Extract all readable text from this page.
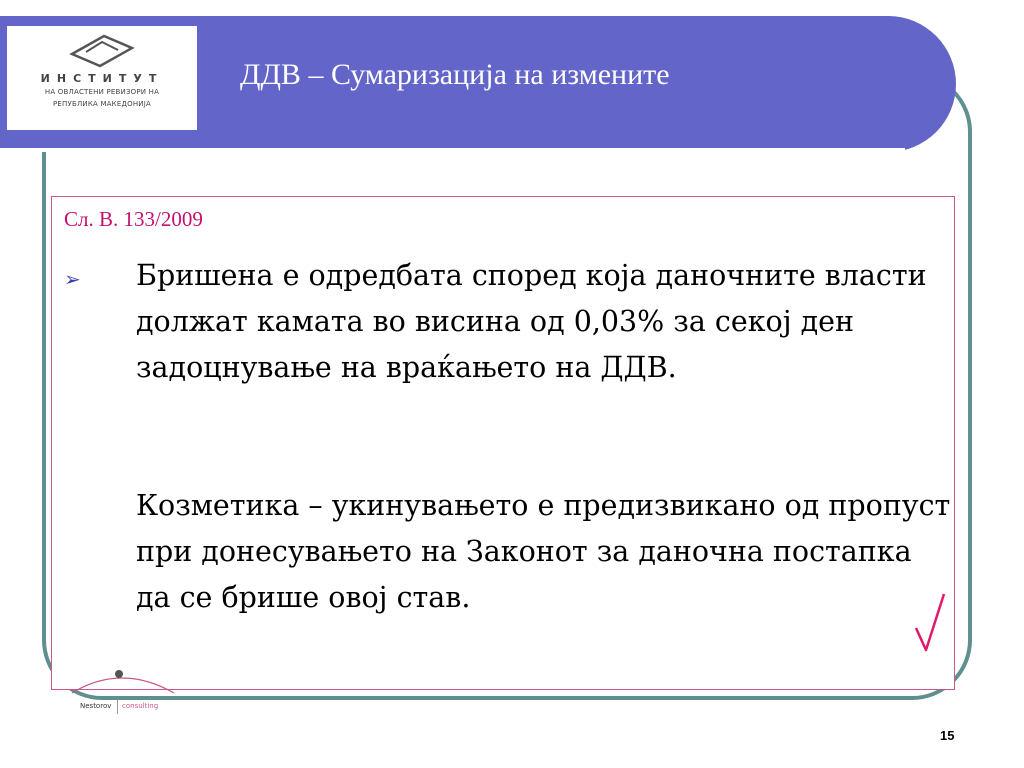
ИНСТИТУТ
НА ОВЛАСТЕНИ РЕВИЗОРИ НА
РЕПУБЛИКА МАКЕДОНИЈА
ДДВ – Сумаризација на измените
Сл. В. 133/2009
➢ Бришена е одредбата според која даночните власти должат камата во висина од 0,03% за секој ден задоцнување на враќањето на ДДВ.
Козметика – укинувањето е предизвикано од пропуст при донесувањето на Законот за даночна постапка да се брише овој став.
Nestorov consulting
15
